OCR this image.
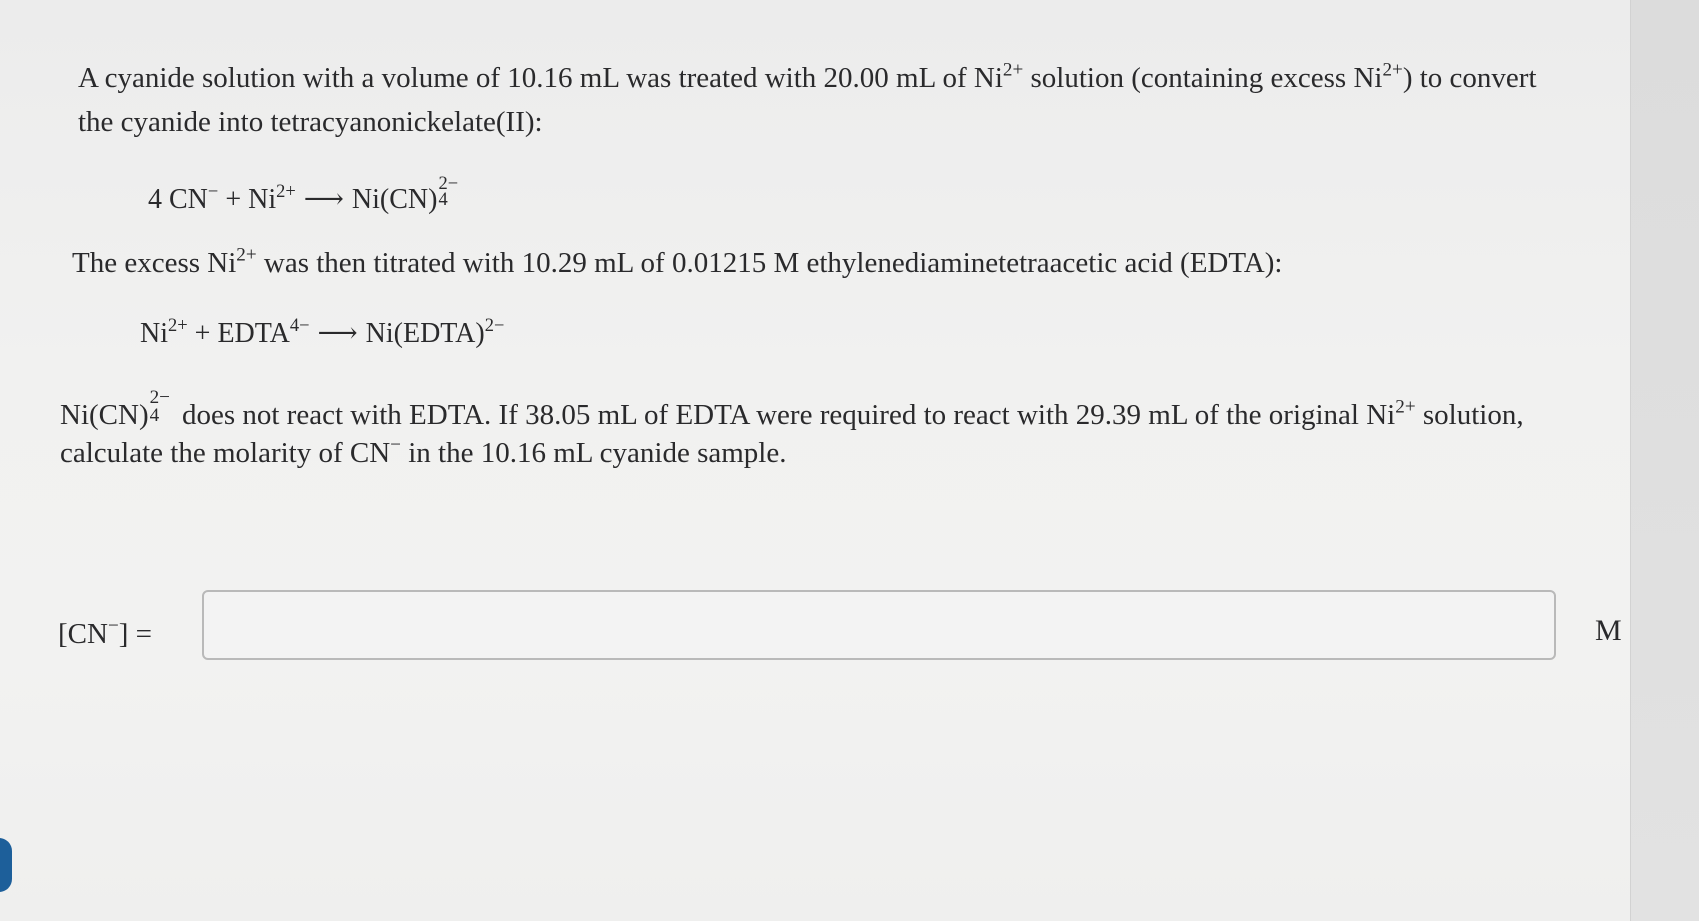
A cyanide solution with a volume of 10.16 mL was treated with 20.00 mL of $Ni^{2+}$ solution (containing excess $Ni^{2+}$) to convert
the cyanide into tetracyanonickelate(II):
4 $CN^- + Ni^{2+}$ ⟶ Ni(CN)
2−
4
The excess $Ni^{2+}$ was then titrated with 10.29 mL of 0.01215 M ethylenediaminetetraacetic acid (EDTA):
$Ni^{2+}$ + $EDTA^{4-}$ ⟶ Ni(EDTA)$^{2-}$
Ni(CN)
2−
4 does not react with EDTA. If 38.05 mL of EDTA were required to react with 29.39 mL of the original $Ni^{2+}$ solution,
calculate the molarity of CN− in the 10.16 mL cyanide sample.
[CN−] =	M
